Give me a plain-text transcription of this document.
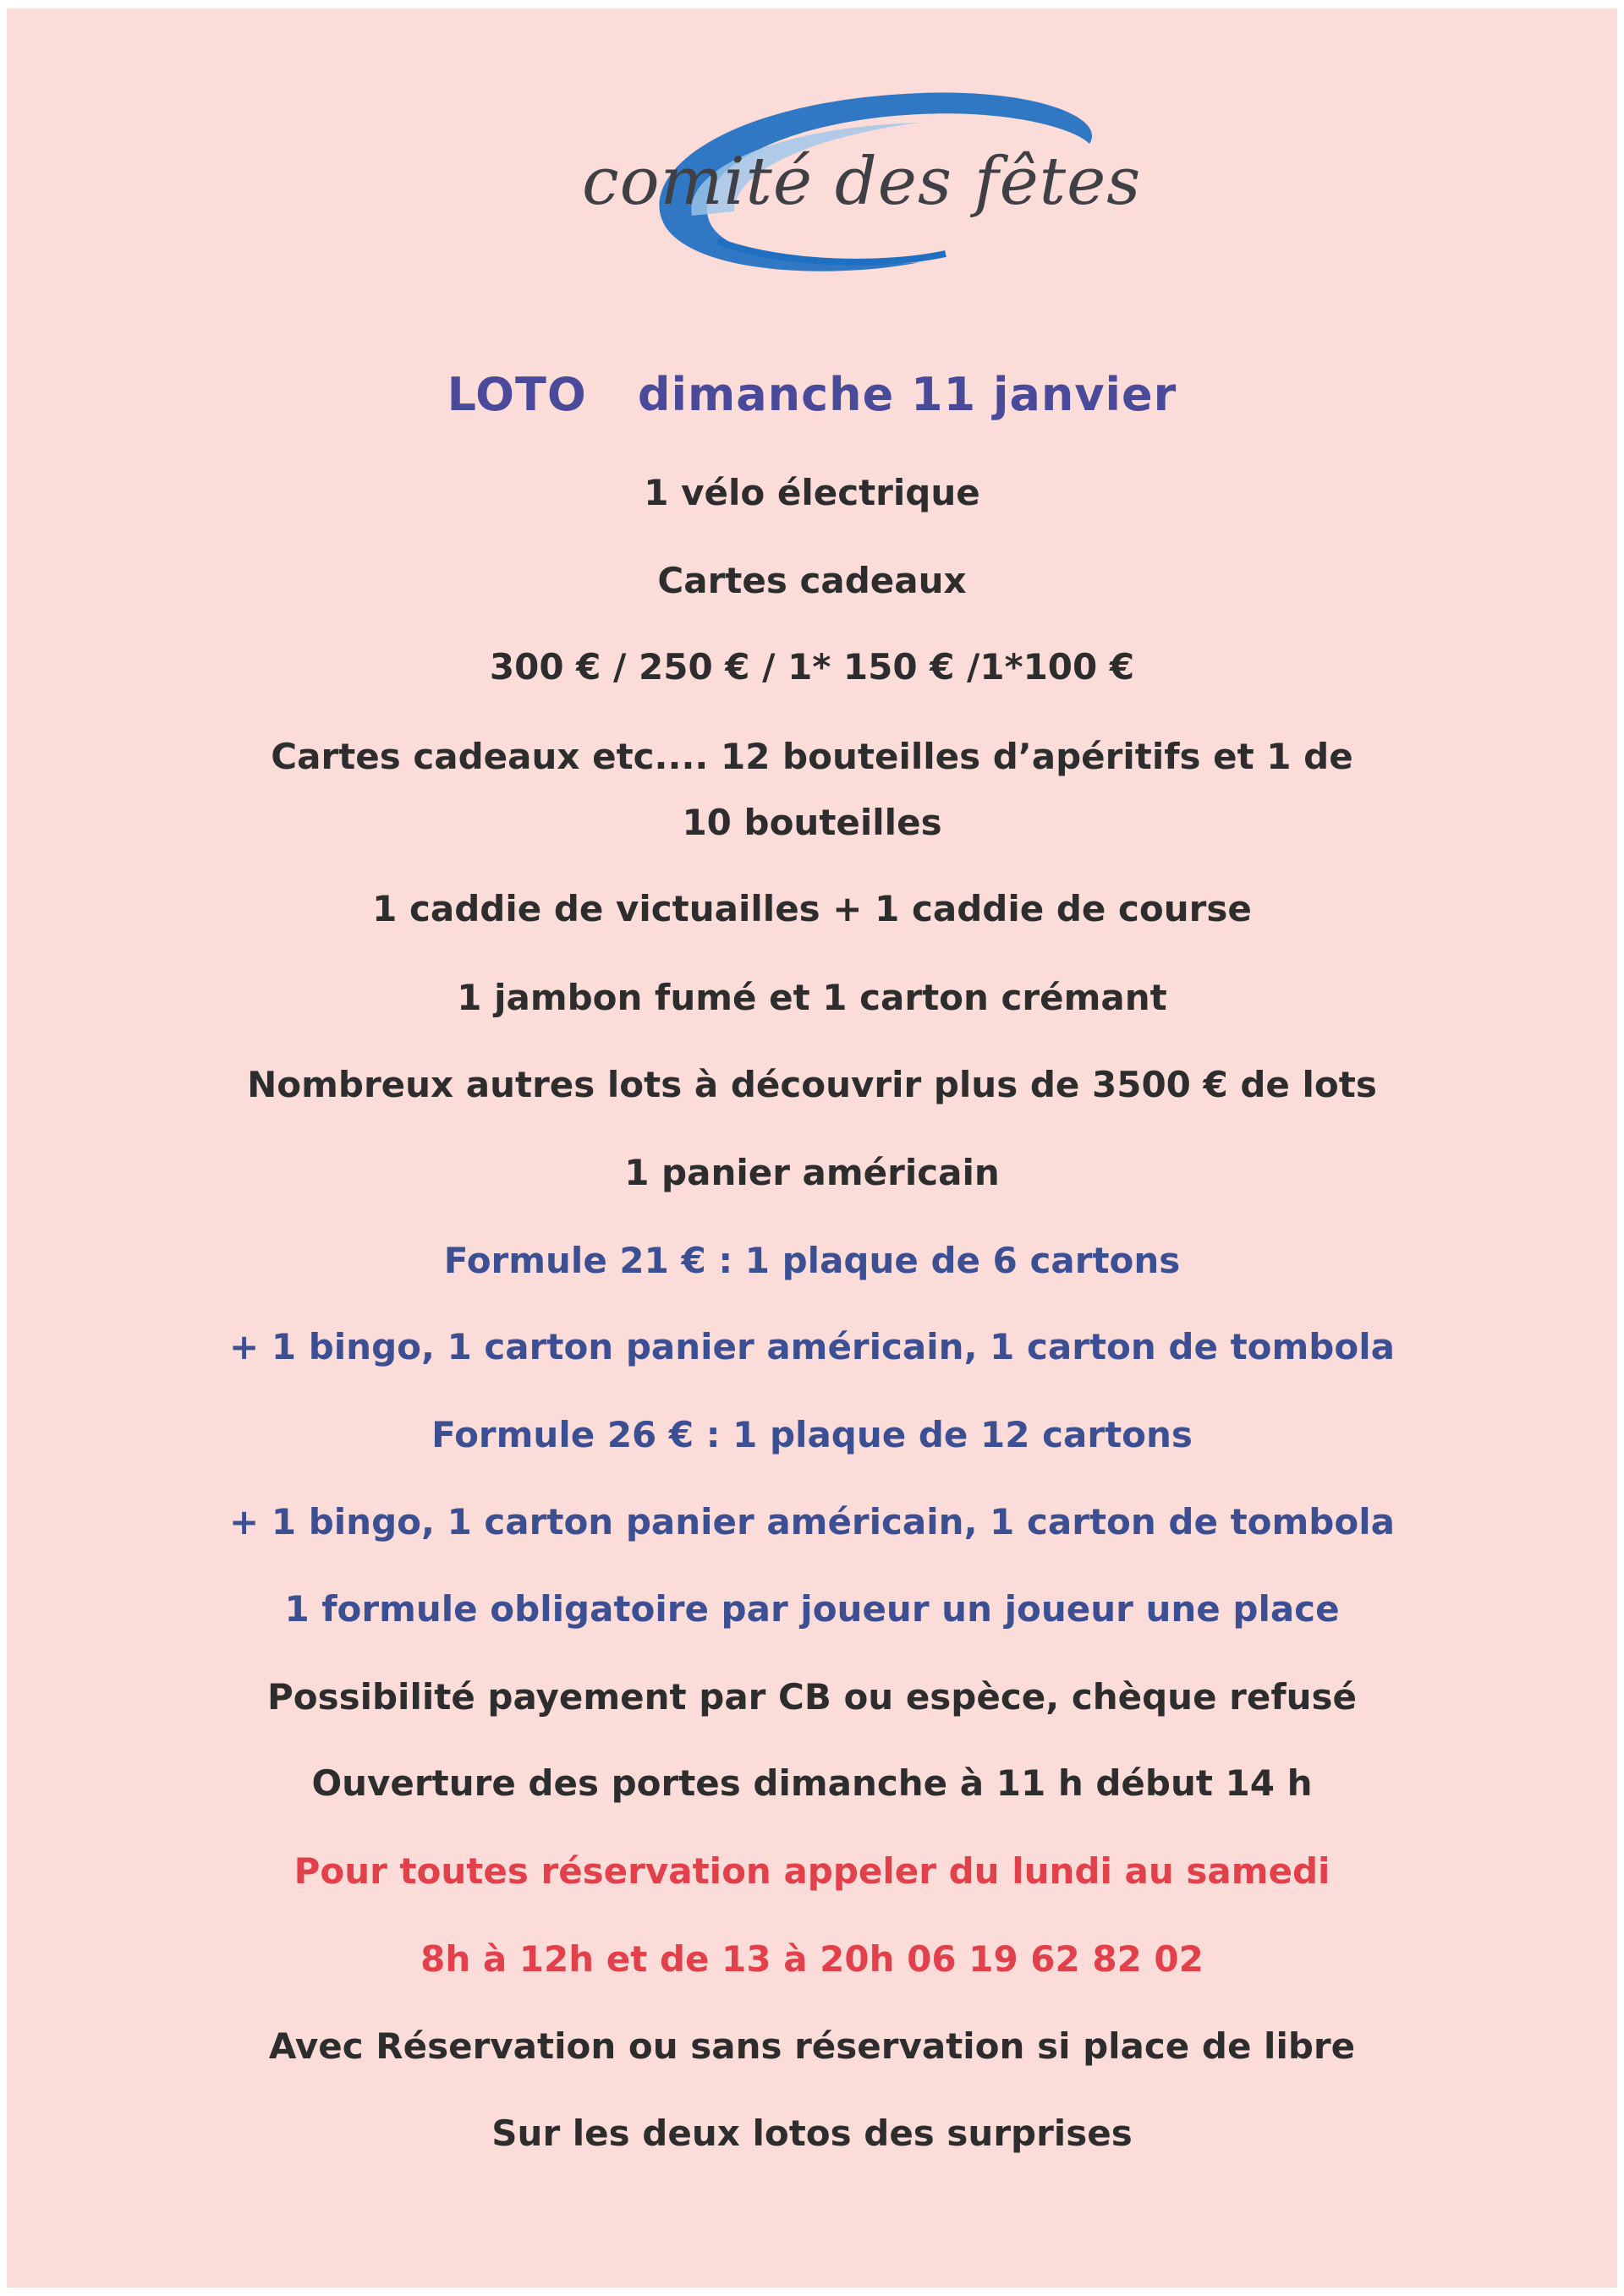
comité des fêtes
LOTO dimanche 11 janvier
1 vélo électrique
Cartes cadeaux
300 € / 250 € / 1* 150 € /1*100 €
Cartes cadeaux etc.... 12 bouteilles d’apéritifs et 1 de
10 bouteilles
1 caddie de victuailles + 1 caddie de course
1 jambon fumé et 1 carton crémant
Nombreux autres lots à découvrir plus de 3500 € de lots
1 panier américain
Formule 21 € : 1 plaque de 6 cartons
+ 1 bingo, 1 carton panier américain, 1 carton de tombola
Formule 26 € : 1 plaque de 12 cartons
+ 1 bingo, 1 carton panier américain, 1 carton de tombola
1 formule obligatoire par joueur un joueur une place
Possibilité payement par CB ou espèce, chèque refusé
Ouverture des portes dimanche à 11 h début 14 h
Pour toutes réservation appeler du lundi au samedi
8h à 12h et de 13 à 20h 06 19 62 82 02
Avec Réservation ou sans réservation si place de libre
Sur les deux lotos des surprises
